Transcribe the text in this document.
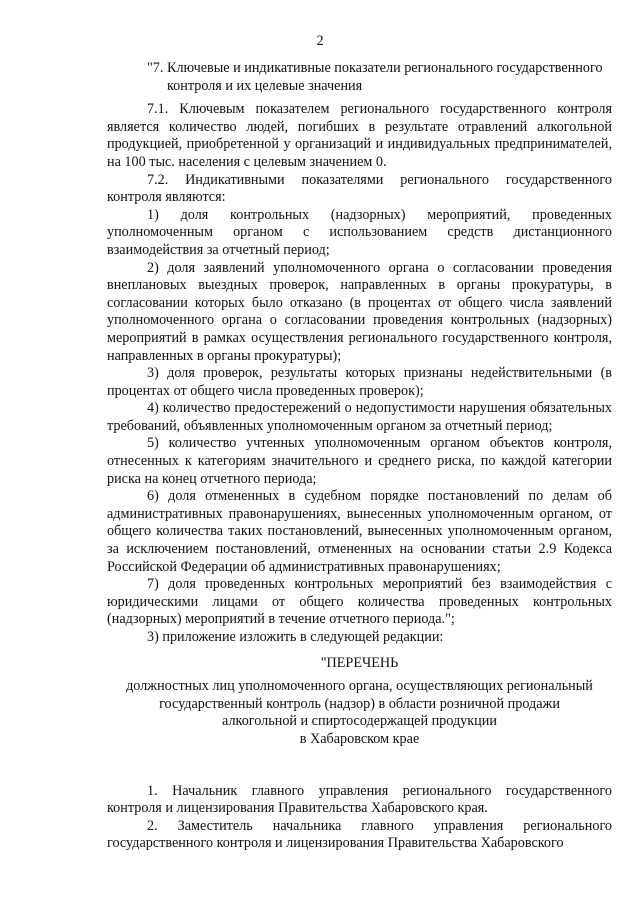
2

"7. Ключевые и индикативные показатели регионального государственного
контроля и их целевые значения

7.1. Ключевым показателем регионального государственного контроля является количество людей, погибших в результате отравлений алкогольной продукцией, приобретенной у организаций и индивидуальных предпринимателей, на 100 тыс. населения с целевым значением 0.

7.2. Индикативными показателями регионального государственного контроля являются:

1) доля контрольных (надзорных) мероприятий, проведенных уполномоченным органом с использованием средств дистанционного взаимодействия за отчетный период;

2) доля заявлений уполномоченного органа о согласовании проведения внеплановых выездных проверок, направленных в органы прокуратуры, в согласовании которых было отказано (в процентах от общего числа заявлений уполномоченного органа о согласовании проведения контрольных (надзорных) мероприятий в рамках осуществления регионального государственного контроля, направленных в органы прокуратуры);

3) доля проверок, результаты которых признаны недействительными (в процентах от общего числа проведенных проверок);

4) количество предостережений о недопустимости нарушения обязательных требований, объявленных уполномоченным органом за отчетный период;

5) количество учтенных уполномоченным органом объектов контроля, отнесенных к категориям значительного и среднего риска, по каждой категории риска на конец отчетного периода;

6) доля отмененных в судебном порядке постановлений по делам об административных правонарушениях, вынесенных уполномоченным органом, от общего количества таких постановлений, вынесенных уполномоченным органом, за исключением постановлений, отмененных на основании статьи 2.9 Кодекса Российской Федерации об административных правонарушениях;

7) доля проведенных контрольных мероприятий без взаимодействия с юридическими лицами от общего количества проведенных контрольных (надзорных) мероприятий в течение отчетного периода.";

3) приложение изложить в следующей редакции:

"ПЕРЕЧЕНЬ

должностных лиц уполномоченного органа, осуществляющих региональный

государственный контроль (надзор) в области розничной продажи

алкогольной и спиртосодержащей продукции

в Хабаровском крае

1. Начальник главного управления регионального государственного контроля и лицензирования Правительства Хабаровского края.

2. Заместитель начальника главного управления регионального государственного контроля и лицензирования Правительства Хабаровского
